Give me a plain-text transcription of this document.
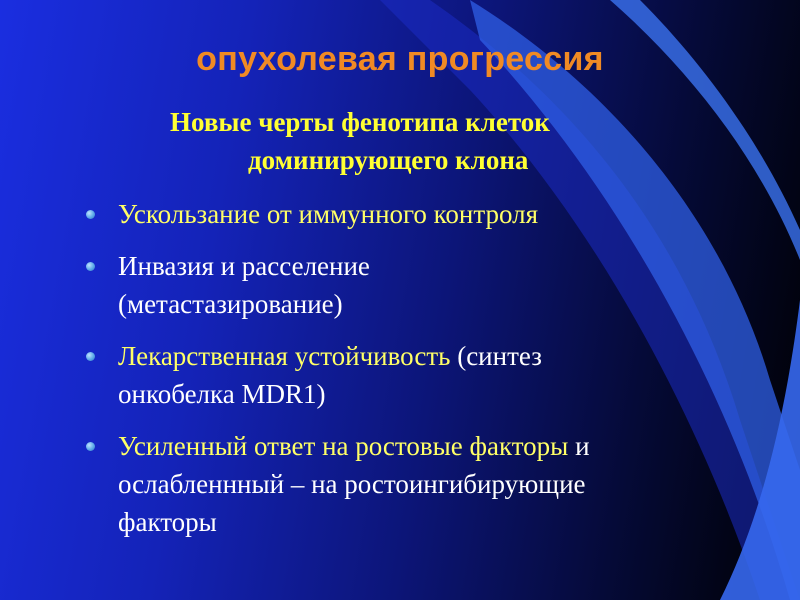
опухолевая прогрессия

Новые черты фенотипа клеток
доминирующего клона

Ускользание от иммунного контроля
Инвазия и расселение
(метастазирование)
Лекарственная устойчивость (синтез
онкобелка MDR1)
Усиленный ответ на ростовые факторы и
ослабленнный – на ростоингибирующие
факторы
